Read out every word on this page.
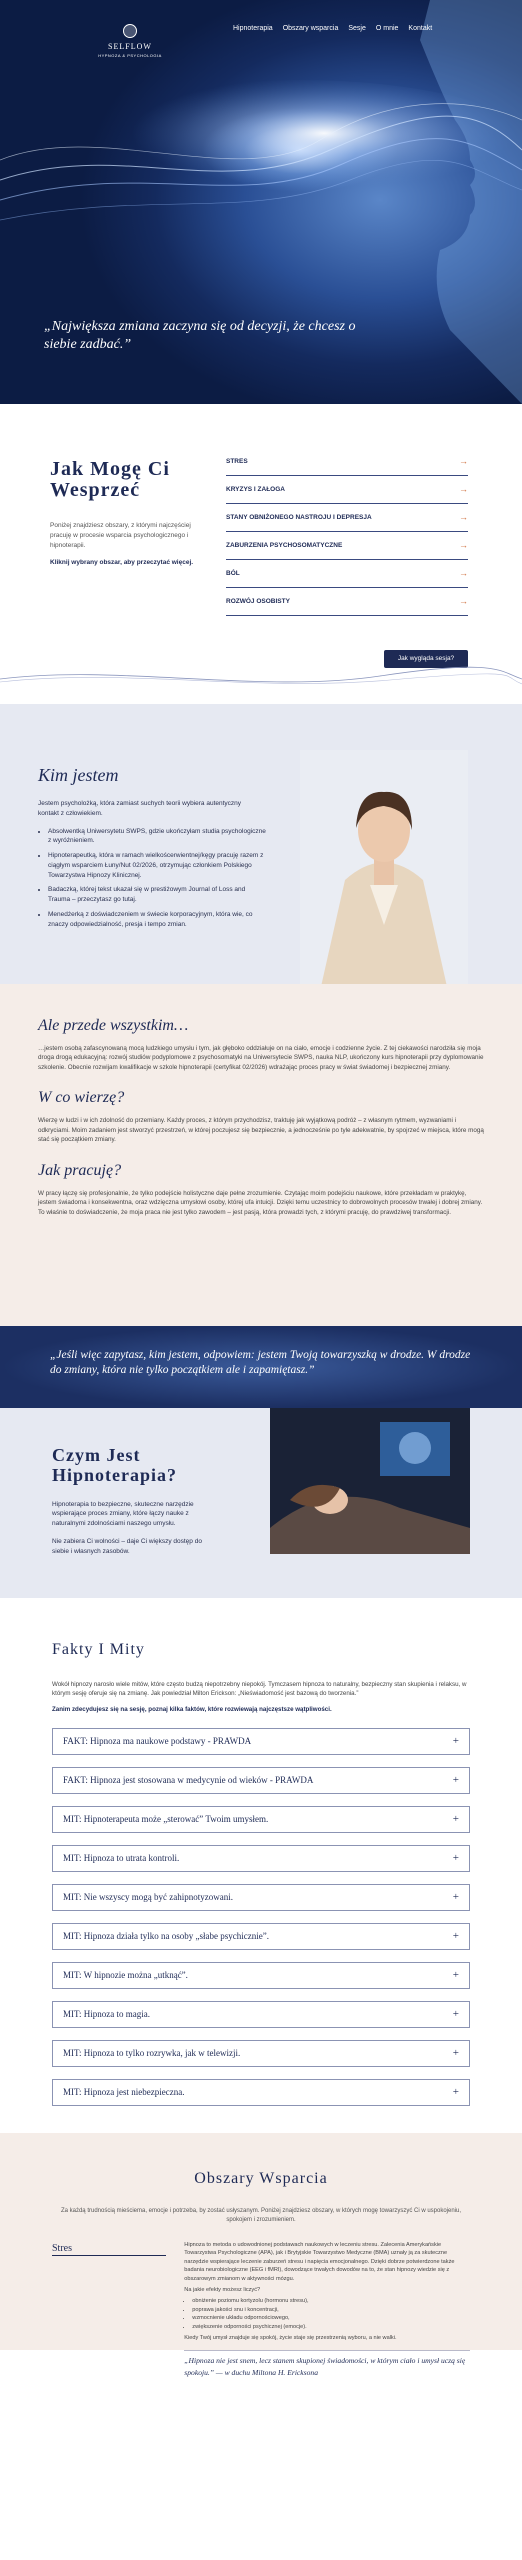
SELFLOW
HYPNOZA & PSYCHOLOGIA
Hipnoterapia Obszary wsparcia Sesje O mnie Kontakt
„Największa zmiana zaczyna się od decyzji, że chcesz o siebie zadbać.”
Jak Mogę Ci Wesprzeć
Poniżej znajdziesz obszary, z którymi najczęściej pracuję w procesie wsparcia psychologicznego i hipnoterapii.
Kliknij wybrany obszar, aby przeczytać więcej.
STRES	→
KRYZYS I ZAŁOGA	→
STANY OBNIŻONEGO NASTROJU I DEPRESJA	→
ZABURZENIA PSYCHOSOMATYCZNE	→
BÓL	→
ROZWÓJ OSOBISTY	→
Jak wygląda sesja?
Kim jestem

Jestem psycholożką, która zamiast suchych teorii wybiera autentyczny kontakt z człowiekiem.

• Absolwentką Uniwersytetu SWPS, gdzie ukończyłam studia psychologiczne z wyróżnieniem.
• Hipnoterapeutką, która w ramach wielkoścerwientnej/kęgy pracuję razem z ciągłym wsparciem Łuny/Nut 02/2026, otrzymując członkiem Polskiego Towarzystwa Hipnozy Klinicznej.
• Badaczką, której tekst ukazał się w prestiżowym Journal of Loss and Trauma – przeczytasz go tutaj.
• Menedżerką z doświadczeniem w świecie korporacyjnym, która wie, co znaczy odpowiedzialność, presja i tempo zmian.
Ale przede wszystkim…

…jestem osobą zafascynowaną mocą ludzkiego umysłu i tym, jak głęboko oddziałuje on na ciało, emocje i codzienne życie. Z tej ciekawości narodziła się moja droga drogą edukacyjną: rozwój studiów podyplomowe z psychosomatyki na Uniwersytecie SWPS, nauka NLP, ukończony kurs hipnoterapii przy dyplomowanie szkolenie. Obecnie rozwijam kwalifikacje w szkole hipnoterapii (certyfikat 02/2026) wdrażając proces pracy w świat świadomej i bezpiecznej zmiany.

W co wierzę?

Wierzę w ludzi i w ich zdolność do przemiany. Każdy proces, z którym przychodzisz, traktuję jak wyjątkową podróż – z własnym rytmem, wyzwaniami i odkryciami. Moim zadaniem jest stworzyć przestrzeń, w której poczujesz się bezpiecznie, a jednocześnie po tyle adekwatnie, by spojrzeć w miejsca, które mogą stać się początkiem zmiany.

Jak pracuję?

W pracy łączę się profesjonalnie, że tylko podejście holistyczne daje pełne zrozumienie. Czytając moim podejściu naukowe, które przekładam w praktykę, jestem świadoma i konsekwentna, oraz wdzięczna umysłowi osoby, której ufa intuicji. Dzięki temu uczestnicy to dobrowolnych procesów trwałej i dobrej zmiany. To właśnie to doświadczenie, że moja praca nie jest tylko zawodem – jest pasją, która prowadzi tych, z którymi pracuję, do prawdziwej transformacji.

„Jeśli więc zapytasz, kim jestem, odpowiem: jestem Twoją towarzyszką w drodze. W drodze do zmiany, która nie tylko początkiem ale i zapamiętasz.”
Czym Jest Hipnoterapia?

Hipnoterapia to bezpieczne, skuteczne narzędzie wspierające proces zmiany, które łączy nauke z naturalnymi zdolnościami naszego umysłu.

Nie zabiera Ci wolności – daje Ci większy dostęp do siebie i własnych zasobów.

Fakty I Mity

Wokół hipnozy narosło wiele mitów, które często budzą niepotrzebny niepokój. Tymczasem hipnoza to naturalny, bezpieczny stan skupienia i relaksu, w którym sesję oferuje się na zmianę. Jak powiedział Milton Erickson: „Nieświadomość jest bazową do tworzenia.”

Zanim zdecydujesz się na sesję, poznaj kilka faktów, które rozwiewają najczęstsze wątpliwości.

FAKT: Hipnoza ma naukowe podstawy - PRAWDA	+
FAKT: Hipnoza jest stosowana w medycynie od wieków - PRAWDA	+
MIT: Hipnoterapeuta może „sterować” Twoim umysłem.	+
MIT: Hipnoza to utrata kontroli.	+
MIT: Nie wszyscy mogą być zahipnotyzowani.	+
MIT: Hipnoza działa tylko na osoby „słabe psychicznie”.	+
MIT: W hipnozie można „utknąć”.	+
MIT: Hipnoza to magia.	+
MIT: Hipnoza to tylko rozrywka, jak w telewizji.	+
MIT: Hipnoza jest niebezpieczna.	+
Obszary Wsparcia
Za każdą trudnością mieściema, emocje i potrzeba, by zostać usłyszanym. Poniżej znajdziesz obszary, w których mogę towarzyszyć Ci w uspokojeniu, spokojem i zrozumieniem.
Stres	Hipnoza to metoda o udowodnionej podstawach naukowych w leczeniu stresu. Zalecenia Amerykańskie Towarzystwa Psychologiczne (APA), jak i Brytyjskie Towarzystwo Medyczne (BMA) uznały ją za skuteczne narzędzie wspierające leczenie zaburzeń stresu i napięcia emocjonalnego. Dzięki dobrze potwierdzone także badania neurobiologiczne (EEG i fMRI), dowodzące trwałych dowodów na to, że stan hipnozy wiedzie się z obszarowym zmianom w aktywności mózgu.
Na jakie efekty możesz liczyć?
• obniżenie poziomu kortyzolu (hormonu stresu),
• poprawa jakości snu i koncentracji,
• wzmocnienie układu odpornościowego,
• zwiększenie odporności psychicznej (emocje).
Kiedy Twój umysł znajduje się spokój, życie staje się przestrzenią wyboru, a nie walki.
„Hipnoza nie jest snem, lecz stanem skupionej świadomości, w którym ciało i umysł uczą się spokoju.” — w duchu Miltona H. Ericksona
